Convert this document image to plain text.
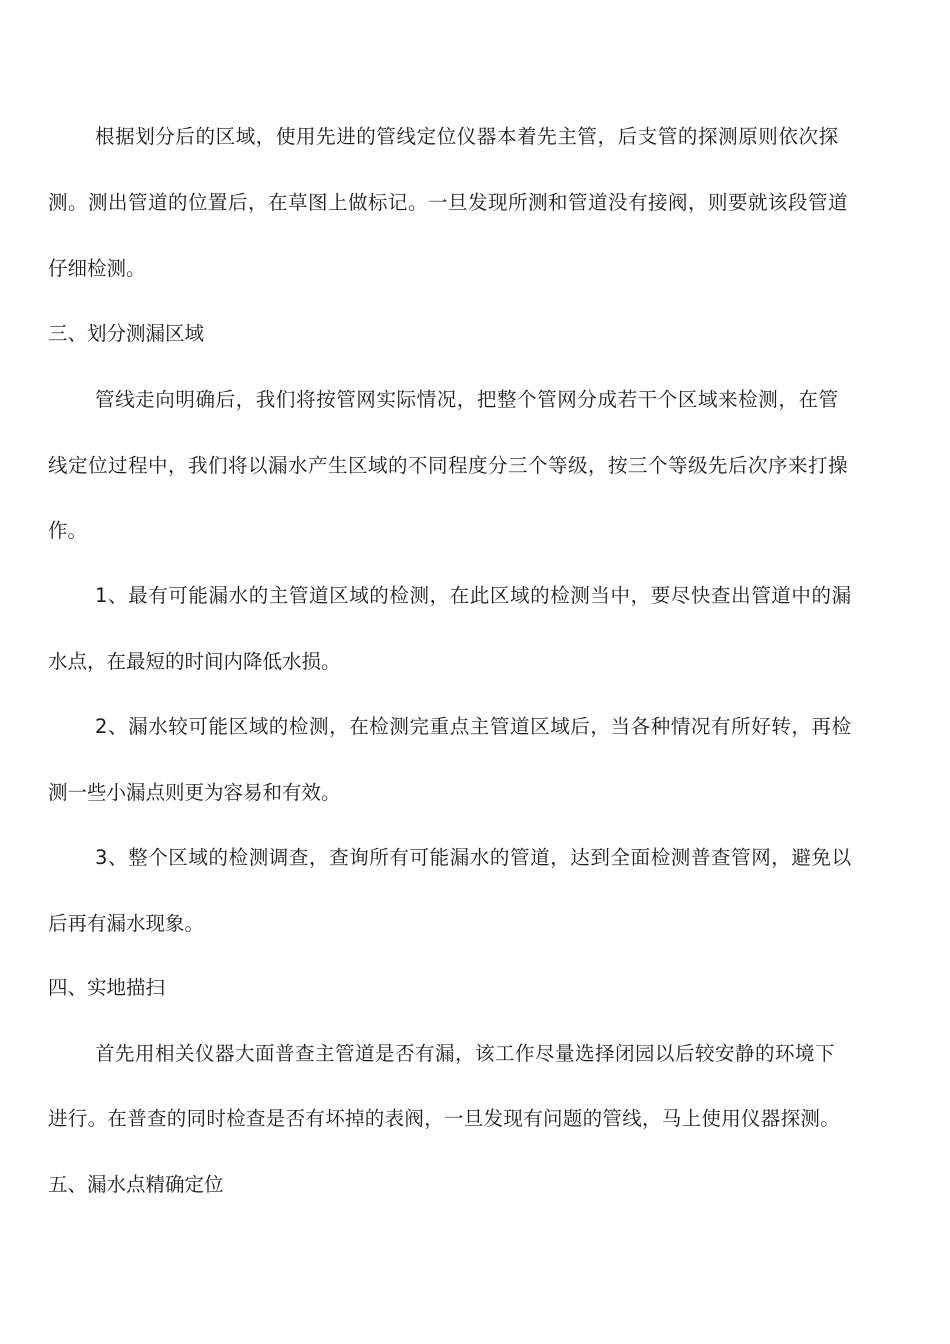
根据划分后的区域，使用先进的管线定位仪器本着先主管，后支管的探测原则依次探
测。测出管道的位置后，在草图上做标记。一旦发现所测和管道没有接阀，则要就该段管道
仔细检测。
三、划分测漏区域
管线走向明确后，我们将按管网实际情况，把整个管网分成若干个区域来检测，在管
线定位过程中，我们将以漏水产生区域的不同程度分三个等级，按三个等级先后次序来打操
作。
1、最有可能漏水的主管道区域的检测，在此区域的检测当中，要尽快查出管道中的漏
水点，在最短的时间内降低水损。
2、漏水较可能区域的检测，在检测完重点主管道区域后，当各种情况有所好转，再检
测一些小漏点则更为容易和有效。
3、整个区域的检测调查，查询所有可能漏水的管道，达到全面检测普查管网，避免以
后再有漏水现象。
四、实地描扫
首先用相关仪器大面普查主管道是否有漏，该工作尽量选择闭园以后较安静的环境下
进行。在普查的同时检查是否有坏掉的表阀，一旦发现有问题的管线，马上使用仪器探测。
五、漏水点精确定位
